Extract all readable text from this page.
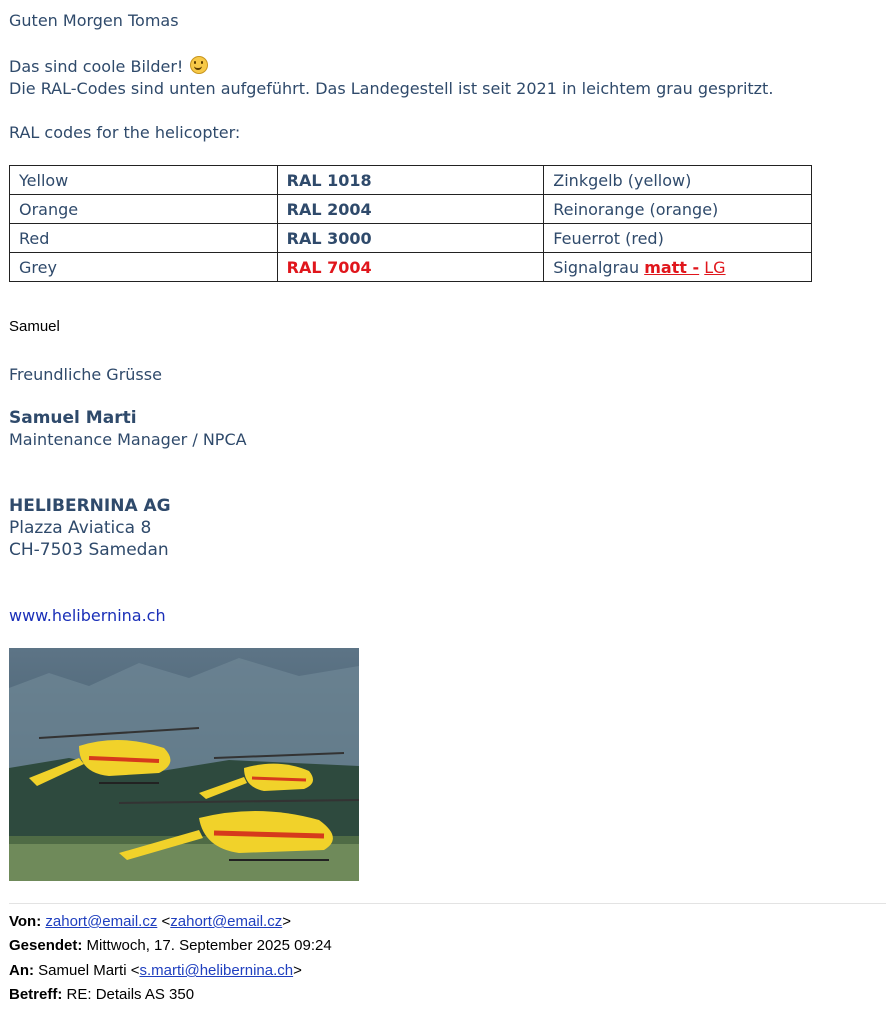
Guten Morgen Tomas
Das sind coole Bilder!
Die RAL-Codes sind unten aufgeführt. Das Landegestell ist seit 2021 in leichtem grau gespritzt.
RAL codes for the helicopter:
Yellow	RAL 1018	Zinkgelb (yellow)
Orange	RAL 2004	Reinorange (orange)
Red	RAL 3000	Feuerrot (red)
Grey	RAL 7004	Signalgrau matt - LG
Samuel
Freundliche Grüsse
Samuel Marti
Maintenance Manager / NPCA
HELIBERNINA AG
Plazza Aviatica 8
CH-7503 Samedan
www.helibernina.ch
Von: zahort@email.cz <zahort@email.cz>
Gesendet: Mittwoch, 17. September 2025 09:24
An: Samuel Marti <s.marti@helibernina.ch>
Betreff: RE: Details AS 350
